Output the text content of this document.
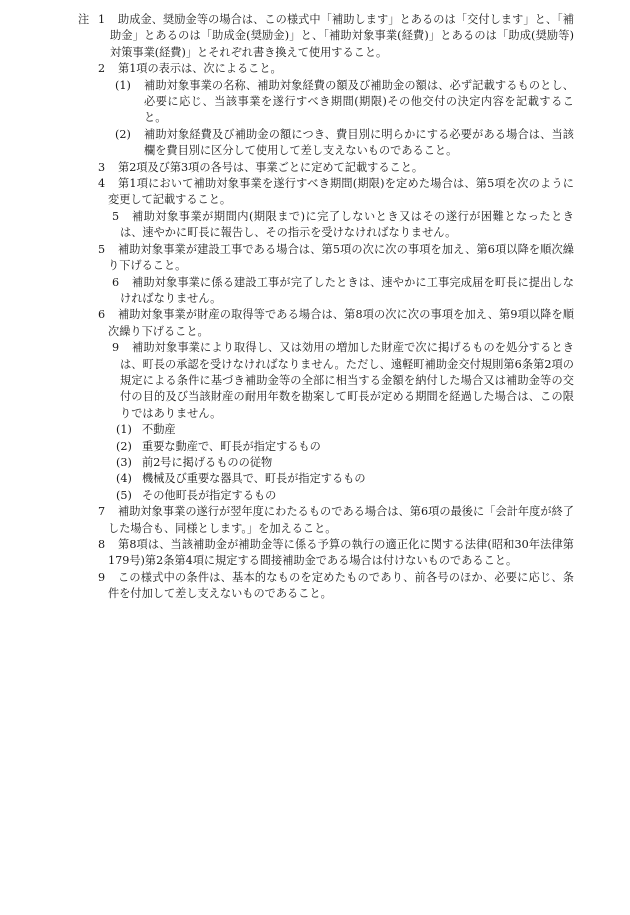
注 1	助成金、奨励金等の場合は、この様式中「補助します」とあるのは「交付します」と、「補助金」とあるのは「助成金(奨励金)」と、「補助対象事業(経費)」とあるのは「助成(奨励等)対策事業(経費)」とそれぞれ書き換えて使用すること。
2 第1項の表示は、次によること。
(1) 補助対象事業の名称、補助対象経費の額及び補助金の額は、必ず記載するものとし、必要に応じ、当該事業を遂行すべき期間(期限)その他交付の決定内容を記載すること。
(2) 補助対象経費及び補助金の額につき、費目別に明らかにする必要がある場合は、当該欄を費目別に区分して使用して差し支えないものであること。
3 第2項及び第3項の各号は、事業ごとに定めて記載すること。
4	第1項において補助対象事業を遂行すべき期間(期限)を定めた場合は、第5項を次のように変更して記載すること。
5	補助対象事業が期間内(期限まで)に完了しないとき又はその遂行が困難となったときは、速やかに町長に報告し、その指示を受けなければなりません。
5	補助対象事業が建設工事である場合は、第5項の次に次の事項を加え、第6項以降を順次繰り下げること。
6	補助対象事業に係る建設工事が完了したときは、速やかに工事完成届を町長に提出しなければなりません。
6	補助対象事業が財産の取得等である場合は、第8項の次に次の事項を加え、第9項以降を順次繰り下げること。
9	補助対象事業により取得し、又は効用の増加した財産で次に掲げるものを処分するときは、町長の承認を受けなければなりません。ただし、遠軽町補助金交付規則第6条第2項の規定による条件に基づき補助金等の全部に相当する金額を納付した場合又は補助金等の交付の目的及び当該財産の耐用年数を勘案して町長が定める期間を経過した場合は、この限りではありません。
(1) 不動産
(2) 重要な動産で、町長が指定するもの
(3) 前2号に掲げるものの従物
(4) 機械及び重要な器具で、町長が指定するもの
(5) その他町長が指定するもの
7	補助対象事業の遂行が翌年度にわたるものである場合は、第6項の最後に「会計年度が終了した場合も、同様とします。」を加えること。
8	第8項は、当該補助金が補助金等に係る予算の執行の適正化に関する法律(昭和30年法律第179号)第2条第4項に規定する間接補助金である場合は付けないものであること。
9	この様式中の条件は、基本的なものを定めたものであり、前各号のほか、必要に応じ、条件を付加して差し支えないものであること。
